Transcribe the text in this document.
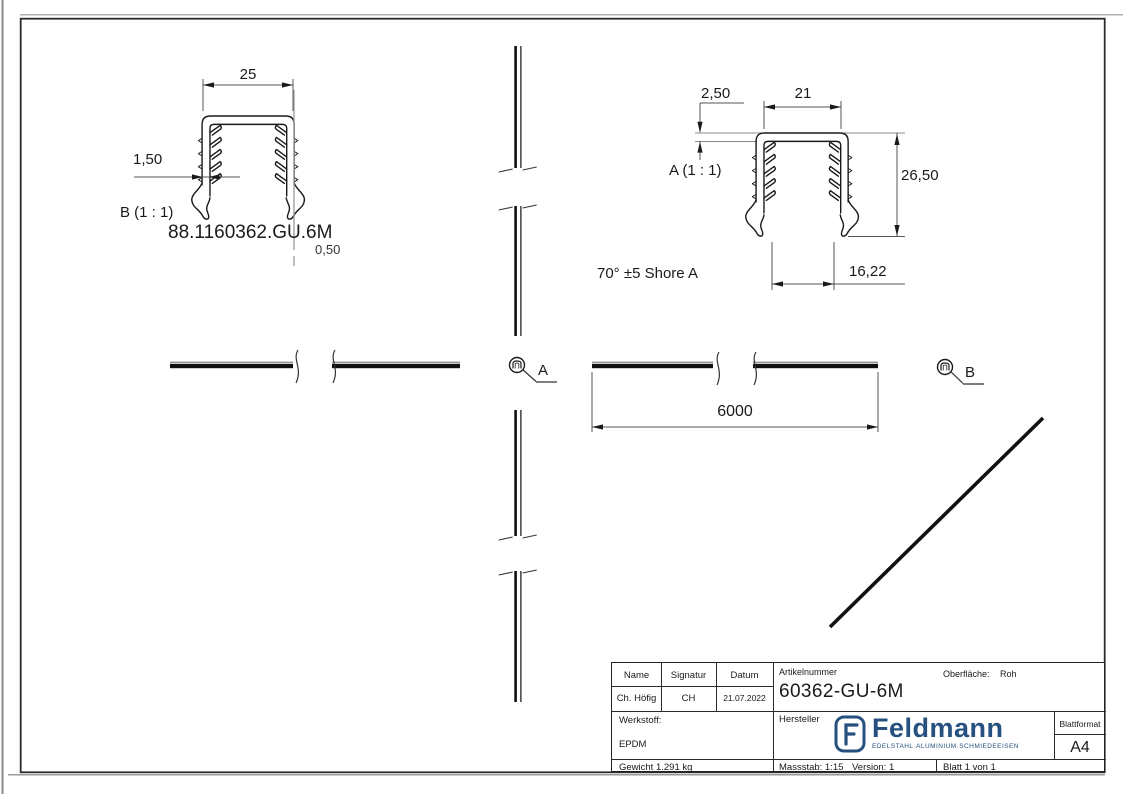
25
1,50
B (1 : 1)
88.1160362.GU.6M
0,50
2,50	21
A (1 : 1)	26,50
16,22
70° ±5 Shore A
A	B
6000
Name	Signatur	Datum
Ch. Höfig	CH	21.07.2022
Artikelnummer	Oberfläche: Roh
60362-GU-6M
Werkstoff:
EPDM
Hersteller Feldmann
EDELSTAHL·ALUMINIUM·SCHMIEDEEISEN
Blattformat
A4
Gewicht 1.291 kg	Massstab: 1:15 Version: 1	Blatt 1 von 1
